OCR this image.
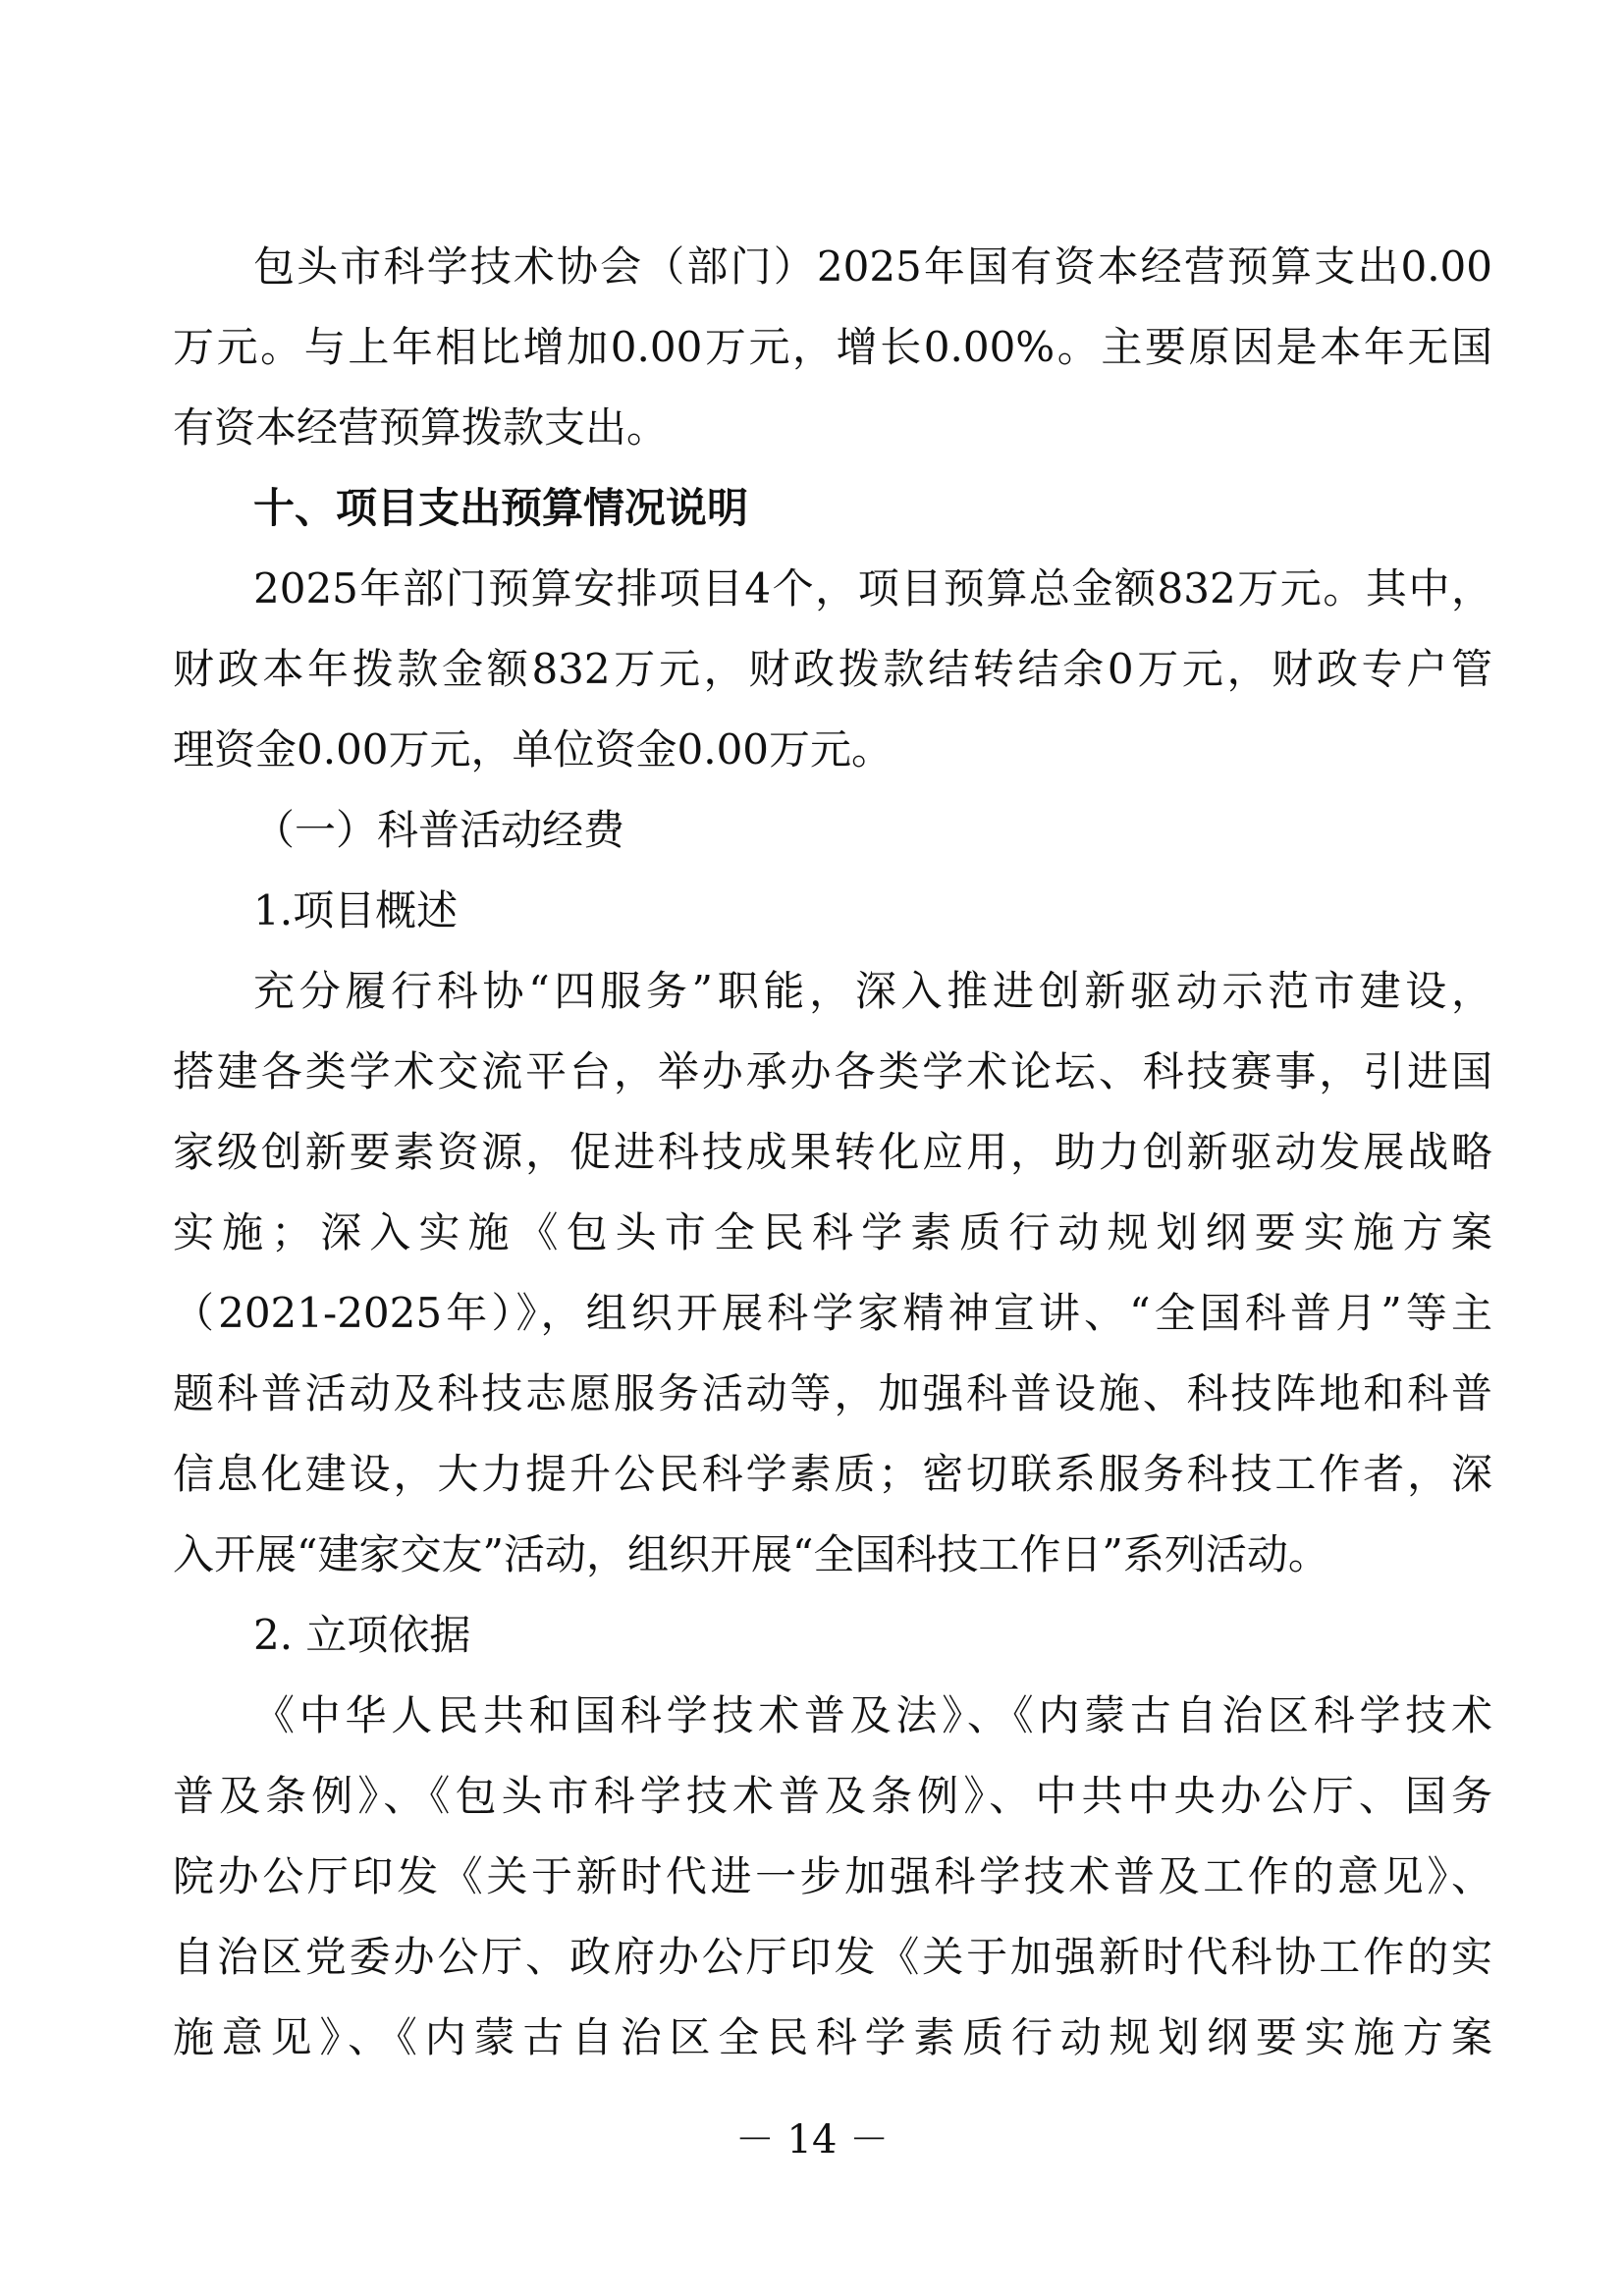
包头市科学技术协会（部门）2025年国有资本经营预算支出0.00

万元。与上年相比增加0.00万元，增长0.00%。主要原因是本年无国

有资本经营预算拨款支出。

十、项目支出预算情况说明

2025年部门预算安排项目4个，项目预算总金额832万元。其中，

财政本年拨款金额832万元，财政拨款结转结余0万元，财政专户管

理资金0.00万元，单位资金0.00万元。

（一）科普活动经费

1.项目概述

充分履行科协“四服务”职能，深入推进创新驱动示范市建设，

搭建各类学术交流平台，举办承办各类学术论坛、科技赛事，引进国

家级创新要素资源，促进科技成果转化应用，助力创新驱动发展战略

实施；深入实施《包头市全民科学素质行动规划纲要实施方案

（2021-2025年）》，组织开展科学家精神宣讲、“全国科普月”等主

题科普活动及科技志愿服务活动等，加强科普设施、科技阵地和科普

信息化建设，大力提升公民科学素质；密切联系服务科技工作者，深

入开展“建家交友”活动，组织开展“全国科技工作日”系列活动。

2. 立项依据

《中华人民共和国科学技术普及法》、《内蒙古自治区科学技术

普及条例》、《包头市科学技术普及条例》、中共中央办公厅、国务

院办公厅印发《关于新时代进一步加强科学技术普及工作的意见》、

自治区党委办公厅、政府办公厅印发《关于加强新时代科协工作的实

施意见》、《内蒙古自治区全民科学素质行动规划纲要实施方案

－ 14 －
